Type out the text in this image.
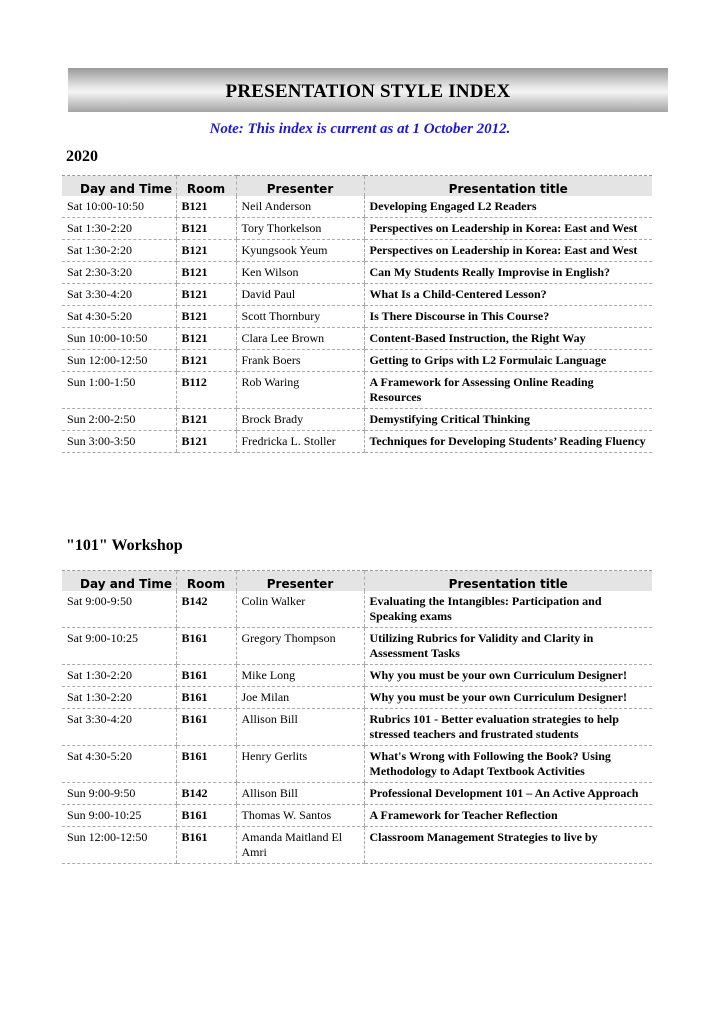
PRESENTATION STYLE INDEX
Note: This index is current as at 1 October 2012.
2020
Day and Time	Room	Presenter	Presentation title
Sat 10:00-10:50	B121	Neil Anderson	Developing Engaged L2 Readers
Sat 1:30-2:20	B121	Tory Thorkelson	Perspectives on Leadership in Korea: East and West
Sat 1:30-2:20	B121	Kyungsook Yeum	Perspectives on Leadership in Korea: East and West
Sat 2:30-3:20	B121	Ken Wilson	Can My Students Really Improvise in English?
Sat 3:30-4:20	B121	David Paul	What Is a Child-Centered Lesson?
Sat 4:30-5:20	B121	Scott Thornbury	Is There Discourse in This Course?
Sun 10:00-10:50	B121	Clara Lee Brown	Content-Based Instruction, the Right Way
Sun 12:00-12:50	B121	Frank Boers	Getting to Grips with L2 Formulaic Language
Sun 1:00-1:50	B112	Rob Waring	A Framework for Assessing Online Reading Resources
Sun 2:00-2:50	B121	Brock Brady	Demystifying Critical Thinking
Sun 3:00-3:50	B121	Fredricka L. Stoller	Techniques for Developing Students’ Reading Fluency
"101" Workshop
Day and Time	Room	Presenter	Presentation title
Sat 9:00-9:50	B142	Colin Walker	Evaluating the Intangibles: Participation and Speaking exams
Sat 9:00-10:25	B161	Gregory Thompson	Utilizing Rubrics for Validity and Clarity in Assessment Tasks
Sat 1:30-2:20	B161	Mike Long	Why you must be your own Curriculum Designer!
Sat 1:30-2:20	B161	Joe Milan	Why you must be your own Curriculum Designer!
Sat 3:30-4:20	B161	Allison Bill	Rubrics 101 - Better evaluation strategies to help stressed teachers and frustrated students
Sat 4:30-5:20	B161	Henry Gerlits	What's Wrong with Following the Book? Using Methodology to Adapt Textbook Activities
Sun 9:00-9:50	B142	Allison Bill	Professional Development 101 – An Active Approach
Sun 9:00-10:25	B161	Thomas W. Santos	A Framework for Teacher Reflection
Sun 12:00-12:50	B161	Amanda Maitland El Amri	Classroom Management Strategies to live by
